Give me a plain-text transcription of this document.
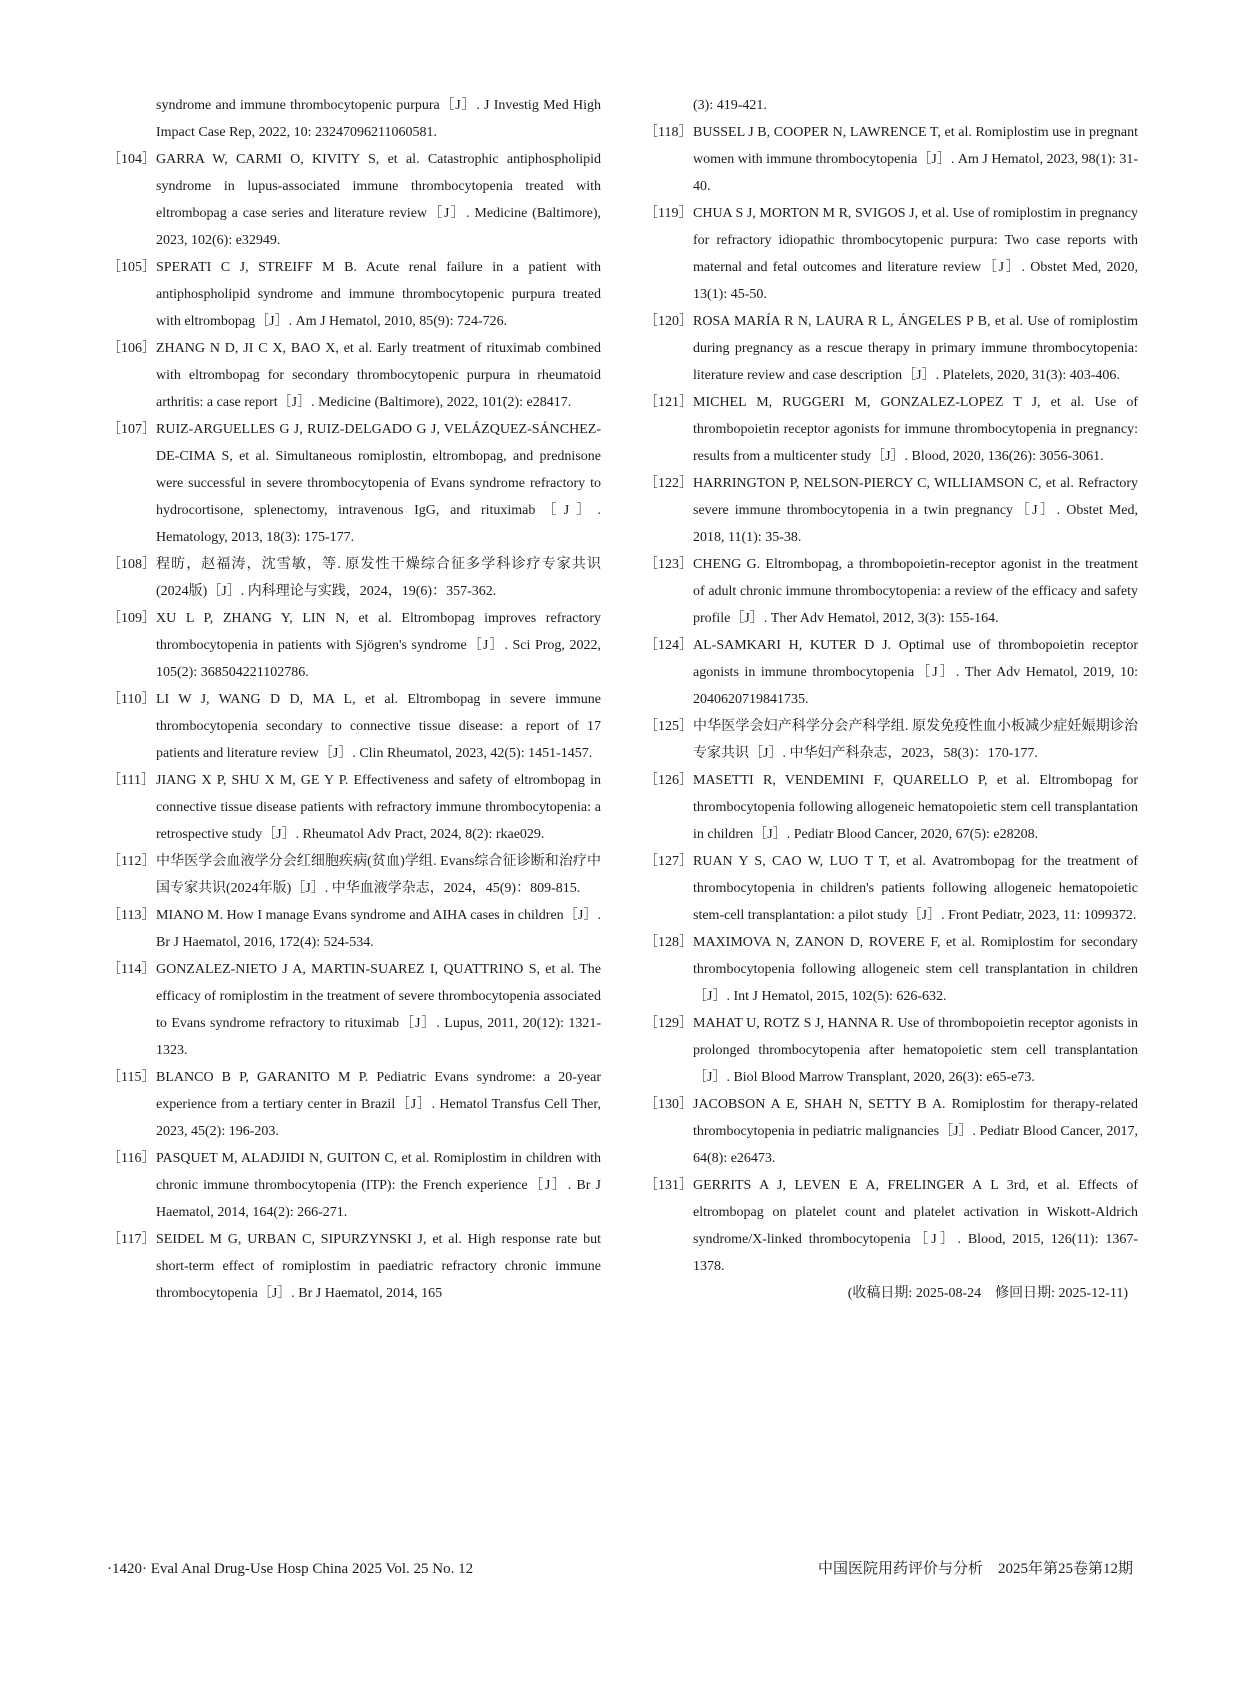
syndrome and immune thrombocytopenic purpura［J］. J Investig Med High Impact Case Rep, 2022, 10: 23247096211060581.
［104］ GARRA W, CARMI O, KIVITY S, et al. Catastrophic antiphospholipid syndrome in lupus-associated immune thrombocytopenia treated with eltrombopag a case series and literature review［J］. Medicine (Baltimore), 2023, 102(6): e32949.
［105］ SPERATI C J, STREIFF M B. Acute renal failure in a patient with antiphospholipid syndrome and immune thrombocytopenic purpura treated with eltrombopag［J］. Am J Hematol, 2010, 85(9): 724-726.
［106］ ZHANG N D, JI C X, BAO X, et al. Early treatment of rituximab combined with eltrombopag for secondary thrombocytopenic purpura in rheumatoid arthritis: a case report［J］. Medicine (Baltimore), 2022, 101(2): e28417.
［107］ RUIZ-ARGUELLES G J, RUIZ-DELGADO G J, VELÁZQUEZ-SÁNCHEZ-DE-CIMA S, et al. Simultaneous romiplostin, eltrombopag, and prednisone were successful in severe thrombocytopenia of Evans syndrome refractory to hydrocortisone, splenectomy, intravenous IgG, and rituximab［J］. Hematology, 2013, 18(3): 175-177.
［108］ 程昉，赵福涛，沈雪敏，等. 原发性干燥综合征多学科诊疗专家共识(2024版)［J］. 内科理论与实践，2024，19(6)：357-362.
［109］ XU L P, ZHANG Y, LIN N, et al. Eltrombopag improves refractory thrombocytopenia in patients with Sjögren's syndrome［J］. Sci Prog, 2022, 105(2): 368504221102786.
［110］ LI W J, WANG D D, MA L, et al. Eltrombopag in severe immune thrombocytopenia secondary to connective tissue disease: a report of 17 patients and literature review［J］. Clin Rheumatol, 2023, 42(5): 1451-1457.
［111］ JIANG X P, SHU X M, GE Y P. Effectiveness and safety of eltrombopag in connective tissue disease patients with refractory immune thrombocytopenia: a retrospective study［J］. Rheumatol Adv Pract, 2024, 8(2): rkae029.
［112］ 中华医学会血液学分会红细胞疾病(贫血)学组. Evans综合征诊断和治疗中国专家共识(2024年版)［J］. 中华血液学杂志，2024，45(9)：809-815.
［113］ MIANO M. How I manage Evans syndrome and AIHA cases in children［J］. Br J Haematol, 2016, 172(4): 524-534.
［114］ GONZALEZ-NIETO J A, MARTIN-SUAREZ I, QUATTRINO S, et al. The efficacy of romiplostim in the treatment of severe thrombocytopenia associated to Evans syndrome refractory to rituximab［J］. Lupus, 2011, 20(12): 1321-1323.
［115］ BLANCO B P, GARANITO M P. Pediatric Evans syndrome: a 20-year experience from a tertiary center in Brazil［J］. Hematol Transfus Cell Ther, 2023, 45(2): 196-203.
［116］ PASQUET M, ALADJIDI N, GUITON C, et al. Romiplostim in children with chronic immune thrombocytopenia (ITP): the French experience［J］. Br J Haematol, 2014, 164(2): 266-271.
［117］ SEIDEL M G, URBAN C, SIPURZYNSKI J, et al. High response rate but short-term effect of romiplostim in paediatric refractory chronic immune thrombocytopenia［J］. Br J Haematol, 2014, 165
(3): 419-421.
［118］ BUSSEL J B, COOPER N, LAWRENCE T, et al. Romiplostim use in pregnant women with immune thrombocytopenia［J］. Am J Hematol, 2023, 98(1): 31-40.
［119］ CHUA S J, MORTON M R, SVIGOS J, et al. Use of romiplostim in pregnancy for refractory idiopathic thrombocytopenic purpura: Two case reports with maternal and fetal outcomes and literature review［J］. Obstet Med, 2020, 13(1): 45-50.
［120］ ROSA MARÍA R N, LAURA R L, ÁNGELES P B, et al. Use of romiplostim during pregnancy as a rescue therapy in primary immune thrombocytopenia: literature review and case description［J］. Platelets, 2020, 31(3): 403-406.
［121］ MICHEL M, RUGGERI M, GONZALEZ-LOPEZ T J, et al. Use of thrombopoietin receptor agonists for immune thrombocytopenia in pregnancy: results from a multicenter study［J］. Blood, 2020, 136(26): 3056-3061.
［122］ HARRINGTON P, NELSON-PIERCY C, WILLIAMSON C, et al. Refractory severe immune thrombocytopenia in a twin pregnancy［J］. Obstet Med, 2018, 11(1): 35-38.
［123］ CHENG G. Eltrombopag, a thrombopoietin-receptor agonist in the treatment of adult chronic immune thrombocytopenia: a review of the efficacy and safety profile［J］. Ther Adv Hematol, 2012, 3(3): 155-164.
［124］ AL-SAMKARI H, KUTER D J. Optimal use of thrombopoietin receptor agonists in immune thrombocytopenia［J］. Ther Adv Hematol, 2019, 10: 2040620719841735.
［125］ 中华医学会妇产科学分会产科学组. 原发免疫性血小板减少症妊娠期诊治专家共识［J］. 中华妇产科杂志，2023，58(3)：170-177.
［126］ MASETTI R, VENDEMINI F, QUARELLO P, et al. Eltrombopag for thrombocytopenia following allogeneic hematopoietic stem cell transplantation in children［J］. Pediatr Blood Cancer, 2020, 67(5): e28208.
［127］ RUAN Y S, CAO W, LUO T T, et al. Avatrombopag for the treatment of thrombocytopenia in children's patients following allogeneic hematopoietic stem-cell transplantation: a pilot study［J］. Front Pediatr, 2023, 11: 1099372.
［128］ MAXIMOVA N, ZANON D, ROVERE F, et al. Romiplostim for secondary thrombocytopenia following allogeneic stem cell transplantation in children［J］. Int J Hematol, 2015, 102(5): 626-632.
［129］ MAHAT U, ROTZ S J, HANNA R. Use of thrombopoietin receptor agonists in prolonged thrombocytopenia after hematopoietic stem cell transplantation［J］. Biol Blood Marrow Transplant, 2020, 26(3): e65-e73.
［130］ JACOBSON A E, SHAH N, SETTY B A. Romiplostim for therapy-related thrombocytopenia in pediatric malignancies［J］. Pediatr Blood Cancer, 2017, 64(8): e26473.
［131］ GERRITS A J, LEVEN E A, FRELINGER A L 3rd, et al. Effects of eltrombopag on platelet count and platelet activation in Wiskott-Aldrich syndrome/X-linked thrombocytopenia［J］. Blood, 2015, 126(11): 1367-1378.
(收稿日期: 2025-08-24　修回日期: 2025-12-11)
·1420· Eval Anal Drug-Use Hosp China 2025 Vol. 25 No. 12	中国医院用药评价与分析　2025年第25卷第12期
